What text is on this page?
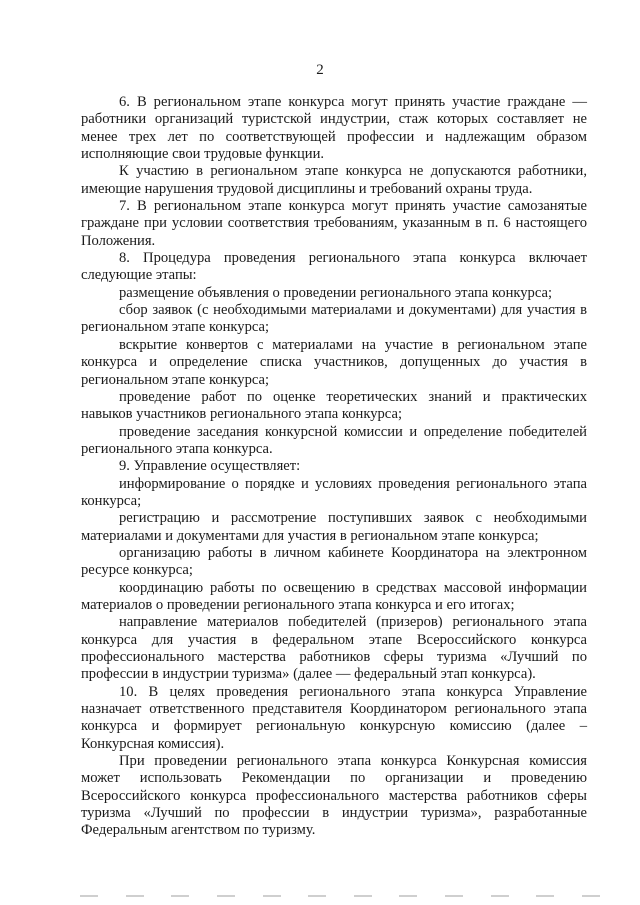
2

6. В региональном этапе конкурса могут принять участие граждане — работники организаций туристской индустрии, стаж которых составляет не менее трех лет по соответствующей профессии и надлежащим образом исполняющие свои трудовые функции.

К участию в региональном этапе конкурса не допускаются работники, имеющие нарушения трудовой дисциплины и требований охраны труда.

7. В региональном этапе конкурса могут принять участие самозанятые граждане при условии соответствия требованиям, указанным в п. 6 настоящего Положения.

8. Процедура проведения регионального этапа конкурса включает следующие этапы:

размещение объявления о проведении регионального этапа конкурса;

сбор заявок (с необходимыми материалами и документами) для участия в региональном этапе конкурса;

вскрытие конвертов с материалами на участие в региональном этапе конкурса и определение списка участников, допущенных до участия в региональном этапе конкурса;

проведение работ по оценке теоретических знаний и практических навыков участников регионального этапа конкурса;

проведение заседания конкурсной комиссии и определение победителей регионального этапа конкурса.

9. Управление осуществляет:

информирование о порядке и условиях проведения регионального этапа конкурса;

регистрацию и рассмотрение поступивших заявок с необходимыми материалами и документами для участия в региональном этапе конкурса;

организацию работы в личном кабинете Координатора на электронном ресурсе конкурса;

координацию работы по освещению в средствах массовой информации материалов о проведении регионального этапа конкурса и его итогах;

направление материалов победителей (призеров) регионального этапа конкурса для участия в федеральном этапе Всероссийского конкурса профессионального мастерства работников сферы туризма «Лучший по профессии в индустрии туризма» (далее — федеральный этап конкурса).

10. В целях проведения регионального этапа конкурса Управление назначает ответственного представителя Координатором регионального этапа конкурса и формирует региональную конкурсную комиссию (далее – Конкурсная комиссия).

При проведении регионального этапа конкурса Конкурсная комиссия может использовать Рекомендации по организации и проведению Всероссийского конкурса профессионального мастерства работников сферы туризма «Лучший по профессии в индустрии туризма», разработанные Федеральным агентством по туризму.
